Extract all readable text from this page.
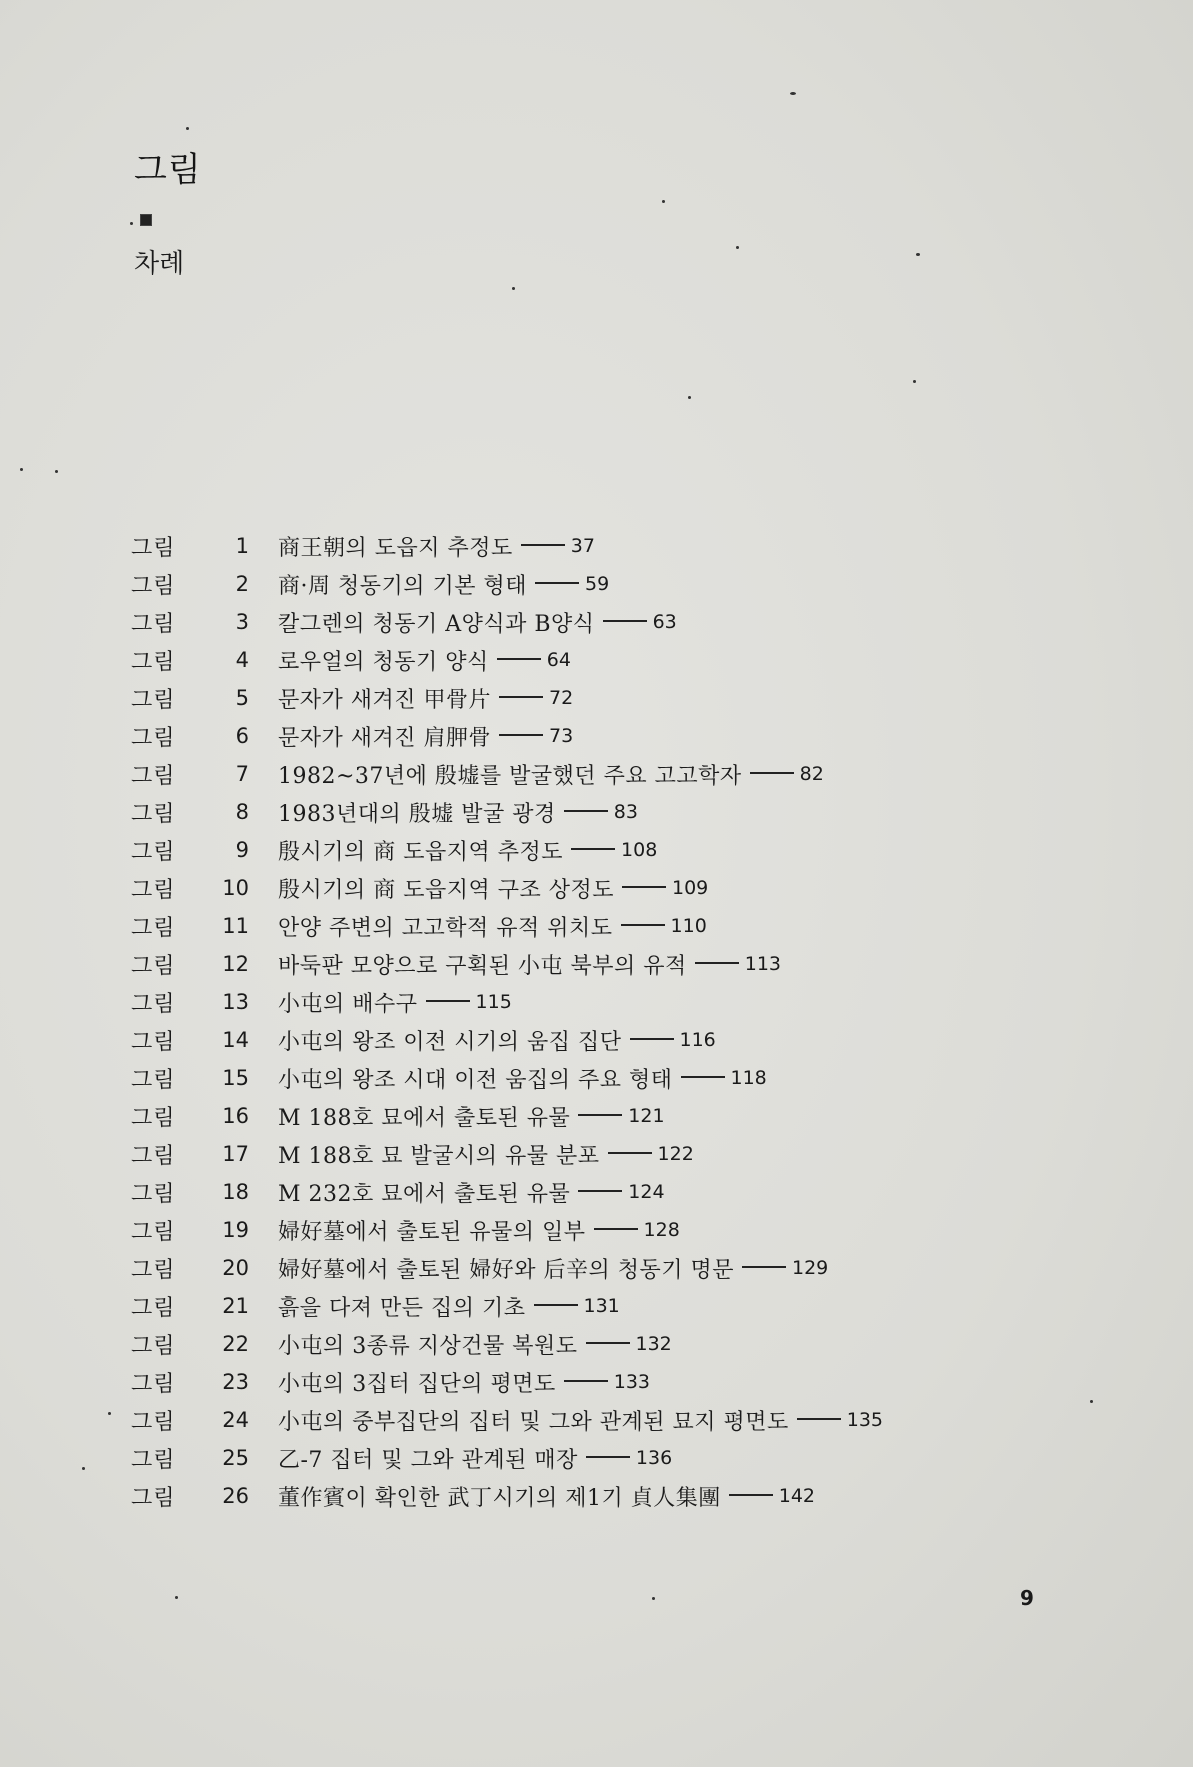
그림
차례
그림	1	商王朝의 도읍지 추정도	37
그림	2	商·周 청동기의 기본 형태	59
그림	3	칼그렌의 청동기 A양식과 B양식	63
그림	4	로우얼의 청동기 양식	64
그림	5	문자가 새겨진 甲骨片	72
그림	6	문자가 새겨진 肩胛骨	73
그림	7	1982~37년에 殷墟를 발굴했던 주요 고고학자	82
그림	8	1983년대의 殷墟 발굴 광경	83
그림	9	殷시기의 商 도읍지역 추정도	108
그림	10	殷시기의 商 도읍지역 구조 상정도	109
그림	11	안양 주변의 고고학적 유적 위치도	110
그림	12	바둑판 모양으로 구획된 小屯 북부의 유적	113
그림	13	小屯의 배수구	115
그림	14	小屯의 왕조 이전 시기의 움집 집단	116
그림	15	小屯의 왕조 시대 이전 움집의 주요 형태	118
그림	16	M 188호 묘에서 출토된 유물	121
그림	17	M 188호 묘 발굴시의 유물 분포	122
그림	18	M 232호 묘에서 출토된 유물	124
그림	19	婦好墓에서 출토된 유물의 일부	128
그림	20	婦好墓에서 출토된 婦好와 后辛의 청동기 명문	129
그림	21	흙을 다져 만든 집의 기초	131
그림	22	小屯의 3종류 지상건물 복원도	132
그림	23	小屯의 3집터 집단의 평면도	133
그림	24	小屯의 중부집단의 집터 및 그와 관계된 묘지 평면도	135
그림	25	乙-7 집터 및 그와 관계된 매장	136
그림	26	董作賓이 확인한 武丁시기의 제1기 貞人集團	142
9
